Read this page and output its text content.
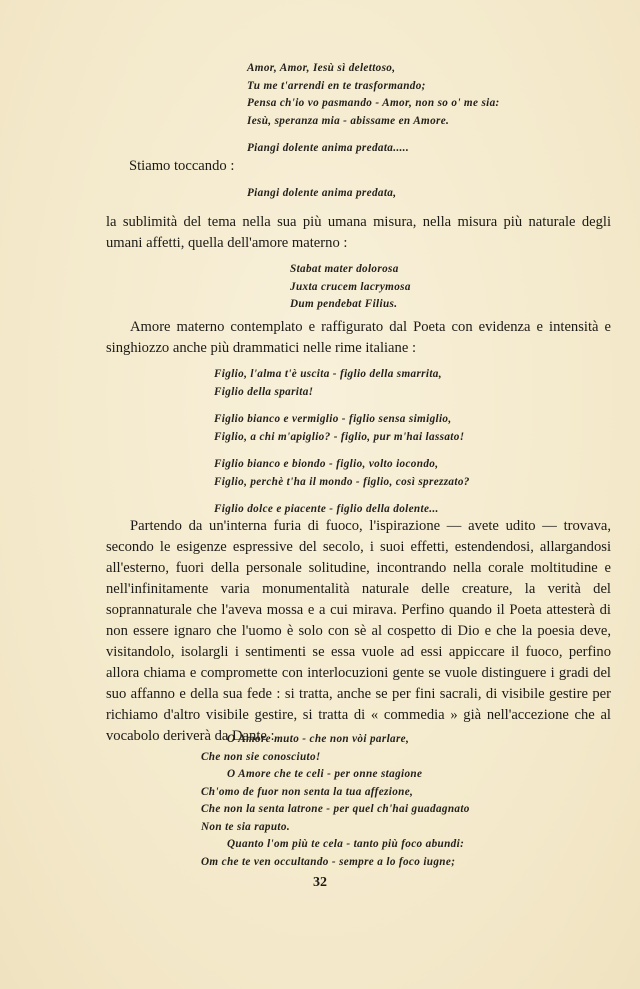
Amor, Amor, Iesù sì delettoso,
Tu me t'arrendi en te trasformando;
Pensa ch'io vo pasmando - Amor, non so o' me sia:
Iesù, speranza mia - abissame en Amore.
Piangi dolente anima predata.....
Stiamo toccando :
Piangi dolente anima predata,

la sublimità del tema nella sua più umana misura, nella misura più naturale degli umani affetti, quella dell'amore materno :

Stabat mater dolorosa
Juxta crucem lacrymosa
Dum pendebat Filius.

Amore materno contemplato e raffigurato dal Poeta con evidenza e intensità e singhiozzo anche più drammatici nelle rime italiane :

Figlio, l'alma t'è uscita - figlio della smarrita,
Figlio della sparita!
Figlio bianco e vermiglio - figlio sensa simiglio,
Figlio, a chi m'apiglio? - figlio, pur m'hai lassato!
Figlio bianco e biondo - figlio, volto iocondo,
Figlio, perchè t'ha il mondo - figlio, così sprezzato?
Figlio dolce e piacente - figlio della dolente...

Partendo da un'interna furia di fuoco, l'ispirazione — avete udito — trovava, secondo le esigenze espressive del secolo, i suoi effetti, estendendosi, allargandosi all'esterno, fuori della personale solitudine, incontrando nella corale moltitudine e nell'infinitamente varia monumentalità naturale delle creature, la verità del soprannaturale che l'aveva mossa e a cui mirava. Perfino quando il Poeta attesterà di non essere ignaro che l'uomo è solo con sè al cospetto di Dio e che la poesia deve, visitandolo, isolargli i sentimenti se essa vuole ad essi appiccare il fuoco, perfino allora chiama e compromette con interlocuzioni gente se vuole distinguere i gradi del suo affanno e della sua fede : si tratta, anche se per fini sacrali, di visibile gestire per richiamo d'altro visibile gestire, si tratta di « commedia » già nell'accezione che al vocabolo deriverà da Dante :

O Amore muto - che non vòi parlare,
Che non sie conosciuto!
O Amore che te celi - per onne stagione
Ch'omo de fuor non senta la tua affezione,
Che non la senta latrone - per quel ch'hai guadagnato
Non te sia raputo.
Quanto l'om più te cela - tanto più foco abundi:
Om che te ven occultando - sempre a lo foco iugne;
32
